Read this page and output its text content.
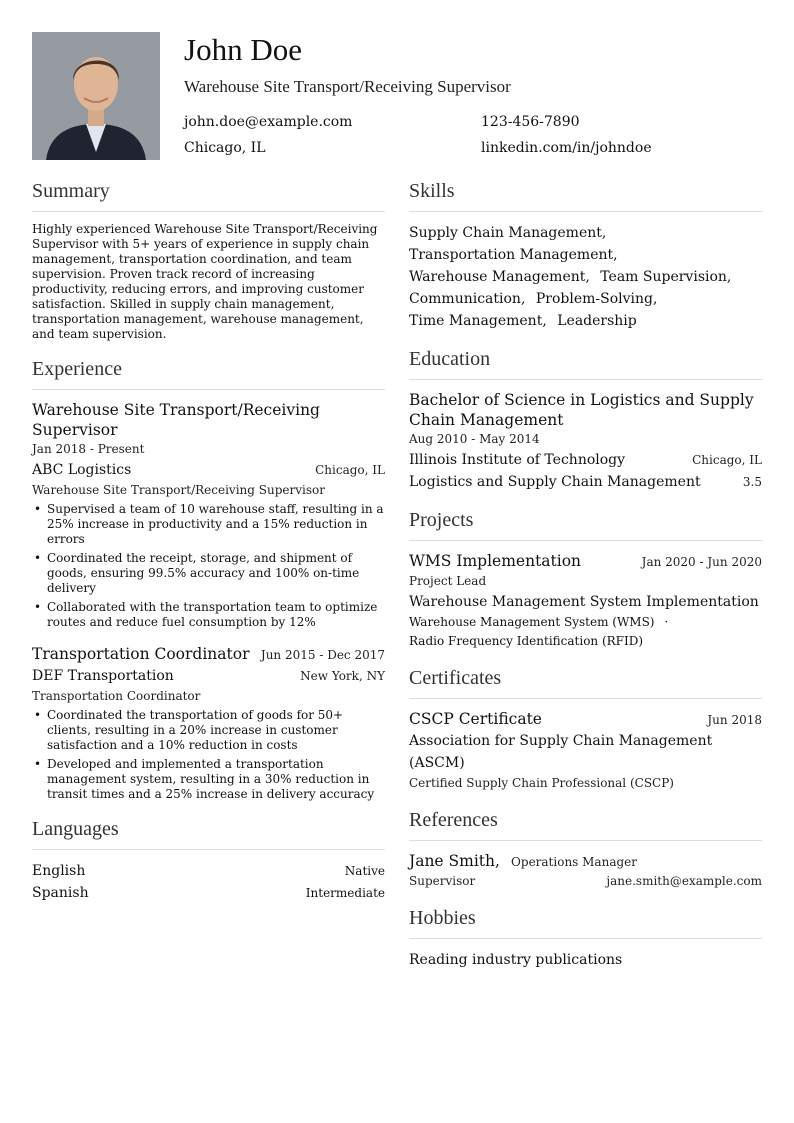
John Doe
Warehouse Site Transport/Receiving Supervisor
john.doe@example.com	123-456-7890
Chicago, IL	linkedin.com/in/johndoe
Summary
Highly experienced Warehouse Site Transport/Receiving Supervisor with 5+ years of experience in supply chain management, transportation coordination, and team supervision. Proven track record of increasing productivity, reducing errors, and improving customer satisfaction. Skilled in supply chain management, transportation management, warehouse management, and team supervision.
Experience
Warehouse Site Transport/Receiving Supervisor
Jan 2018 - Present
ABC Logistics	Chicago, IL
Warehouse Site Transport/Receiving Supervisor
• Supervised a team of 10 warehouse staff, resulting in a 25% increase in productivity and a 15% reduction in errors
• Coordinated the receipt, storage, and shipment of goods, ensuring 99.5% accuracy and 100% on-time delivery
• Collaborated with the transportation team to optimize routes and reduce fuel consumption by 12%
Transportation Coordinator Jun 2015 - Dec 2017
DEF Transportation	New York, NY
Transportation Coordinator
• Coordinated the transportation of goods for 50+ clients, resulting in a 20% increase in customer satisfaction and a 10% reduction in costs
• Developed and implemented a transportation management system, resulting in a 30% reduction in transit times and a 25% increase in delivery accuracy
Languages
English	Native
Spanish	Intermediate
Skills
Supply Chain Management,
Transportation Management,
Warehouse Management, Team Supervision,
Communication, Problem-Solving,
Time Management, Leadership
Education
Bachelor of Science in Logistics and Supply Chain Management
Aug 2010 - May 2014
Illinois Institute of Technology	Chicago, IL
Logistics and Supply Chain Management	3.5
Projects
WMS Implementation	Jan 2020 - Jun 2020
Project Lead
Warehouse Management System Implementation
Warehouse Management System (WMS) ·
Radio Frequency Identification (RFID)
Certificates
CSCP Certificate	Jun 2018
Association for Supply Chain Management (ASCM)
Certified Supply Chain Professional (CSCP)
References
Jane Smith, Operations Manager
Supervisor	jane.smith@example.com
Hobbies
Reading industry publications
